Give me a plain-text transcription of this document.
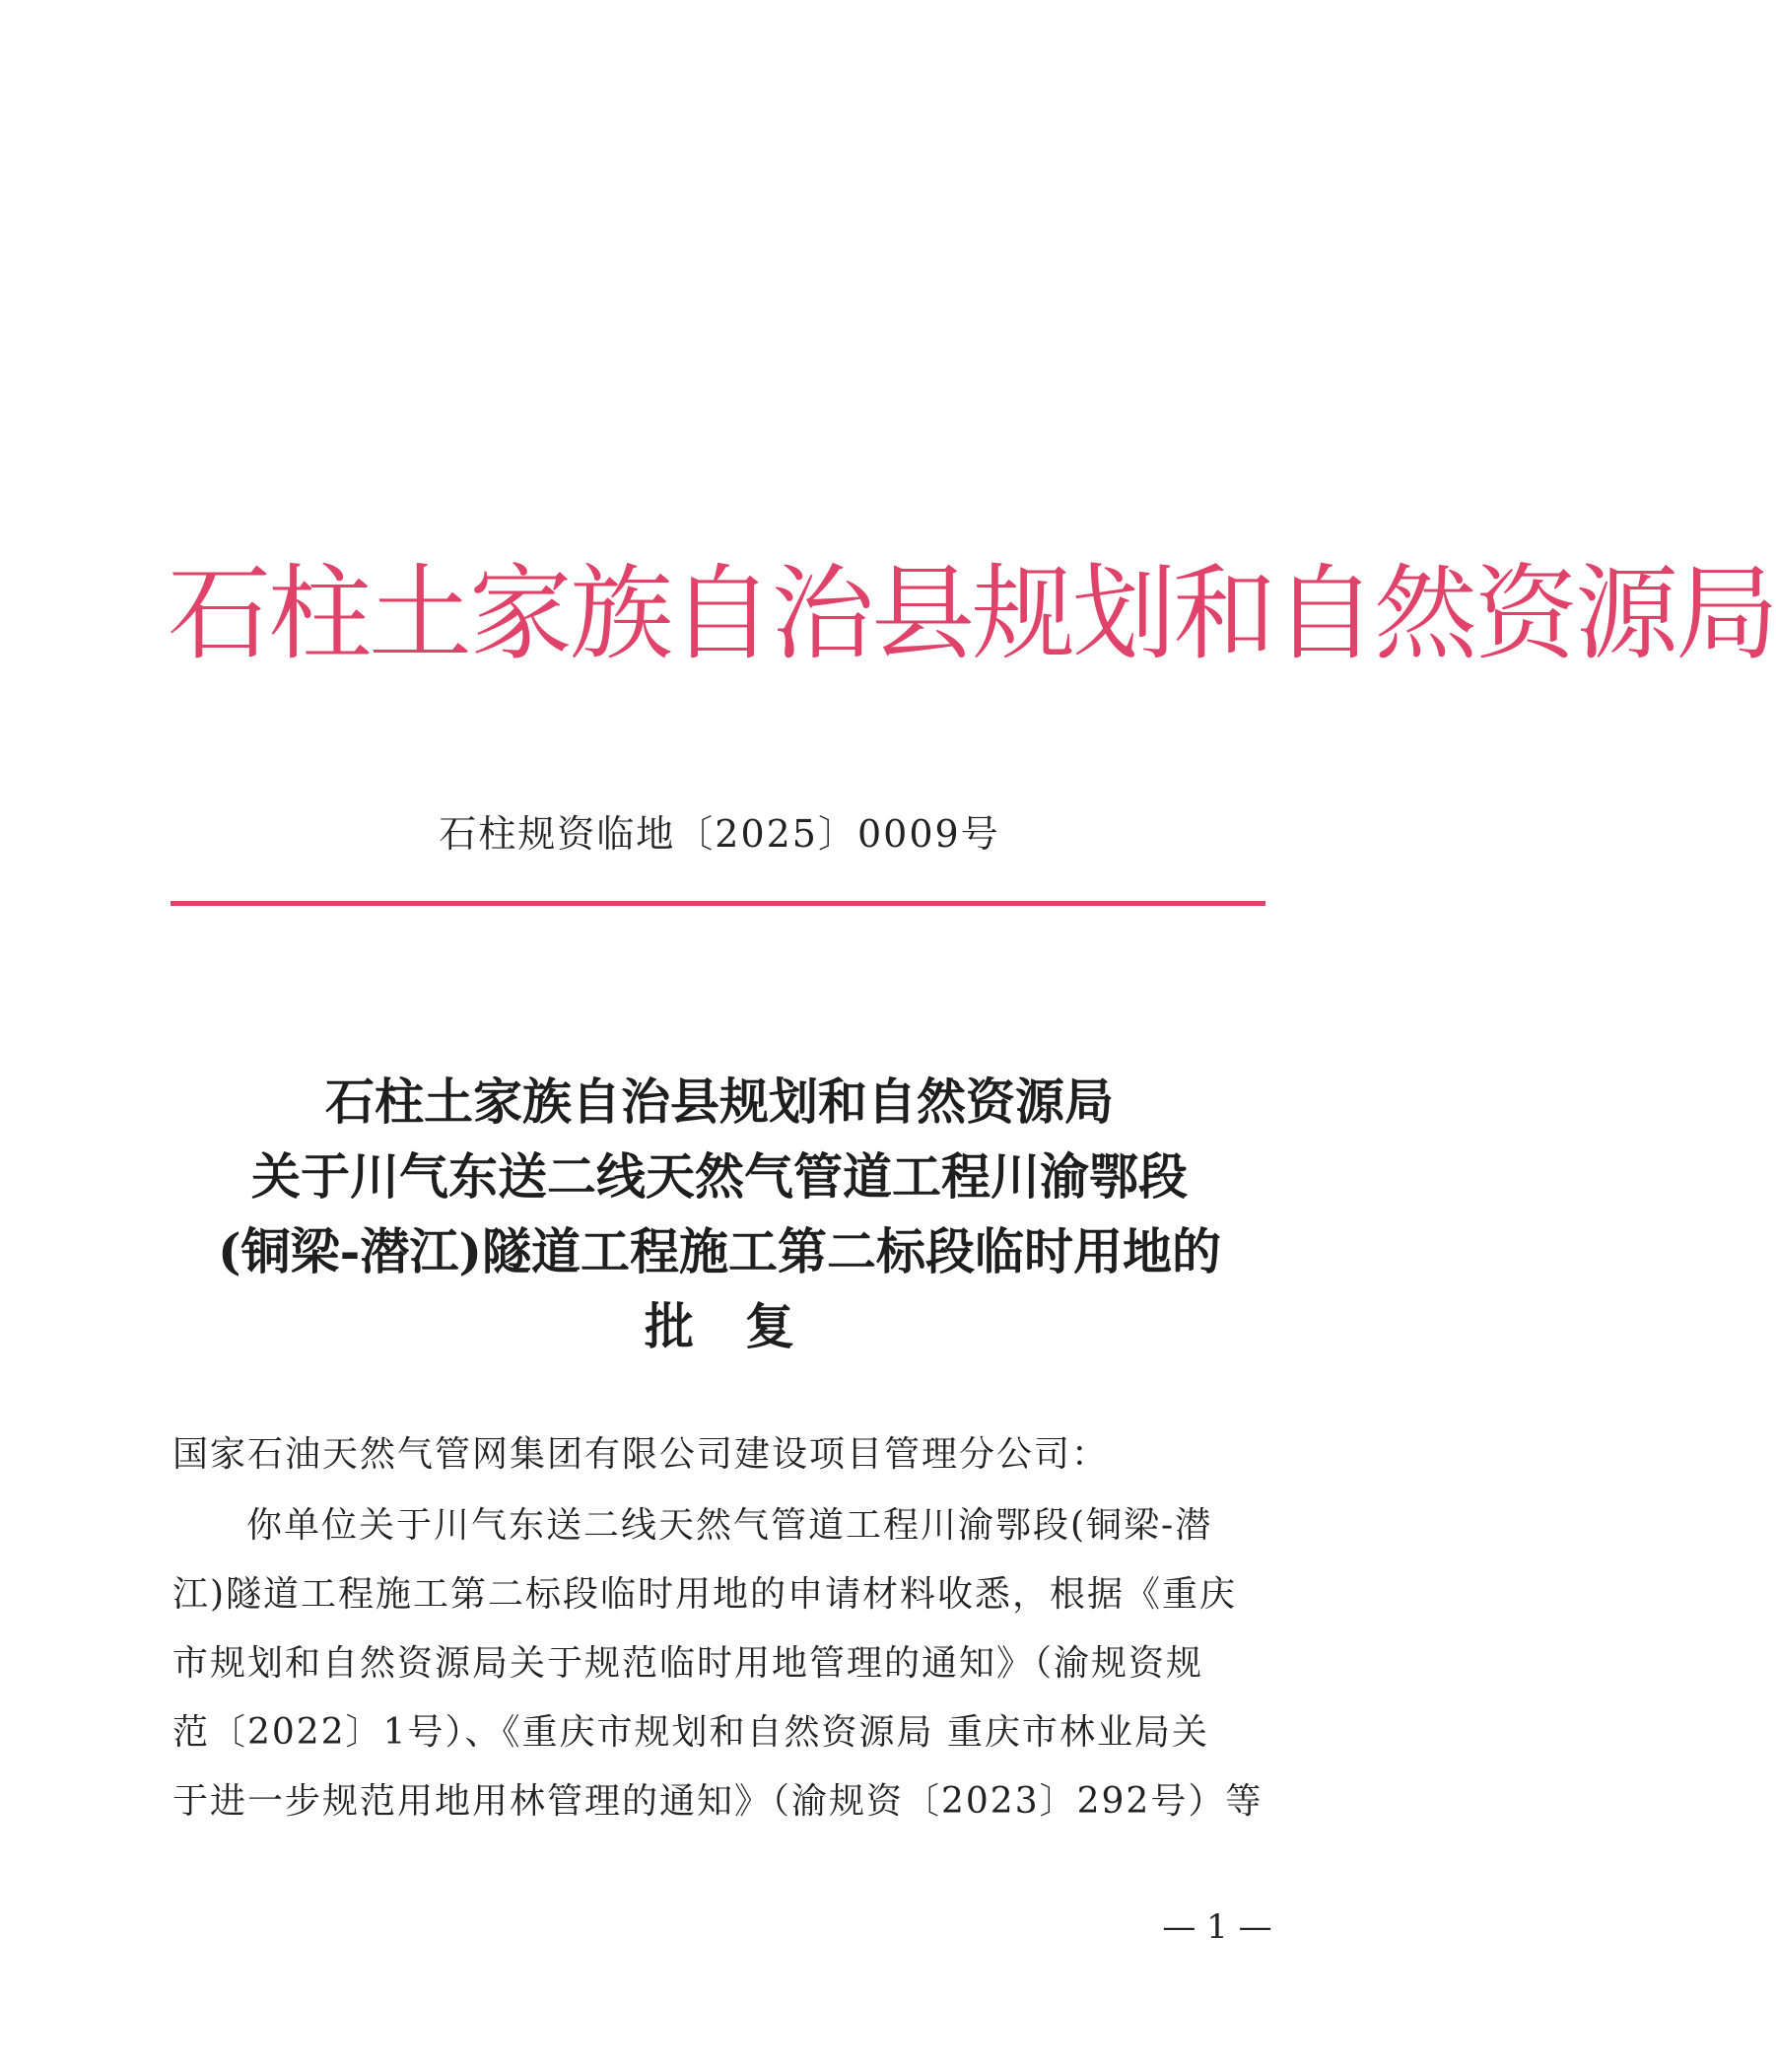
石柱土家族自治县规划和自然资源局
石柱规资临地〔2025〕0009号
石柱土家族自治县规划和自然资源局
关于川气东送二线天然气管道工程川渝鄂段
(铜梁-潜江)隧道工程施工第二标段临时用地的
批复
国家石油天然气管网集团有限公司建设项目管理分公司：
你单位关于川气东送二线天然气管道工程川渝鄂段(铜梁-潜
江)隧道工程施工第二标段临时用地的申请材料收悉，根据《重庆
市规划和自然资源局关于规范临时用地管理的通知》（渝规资规
范〔2022〕1号）、《重庆市规划和自然资源局 重庆市林业局关
于进一步规范用地用林管理的通知》（渝规资〔2023〕292号）等
— 1 —
